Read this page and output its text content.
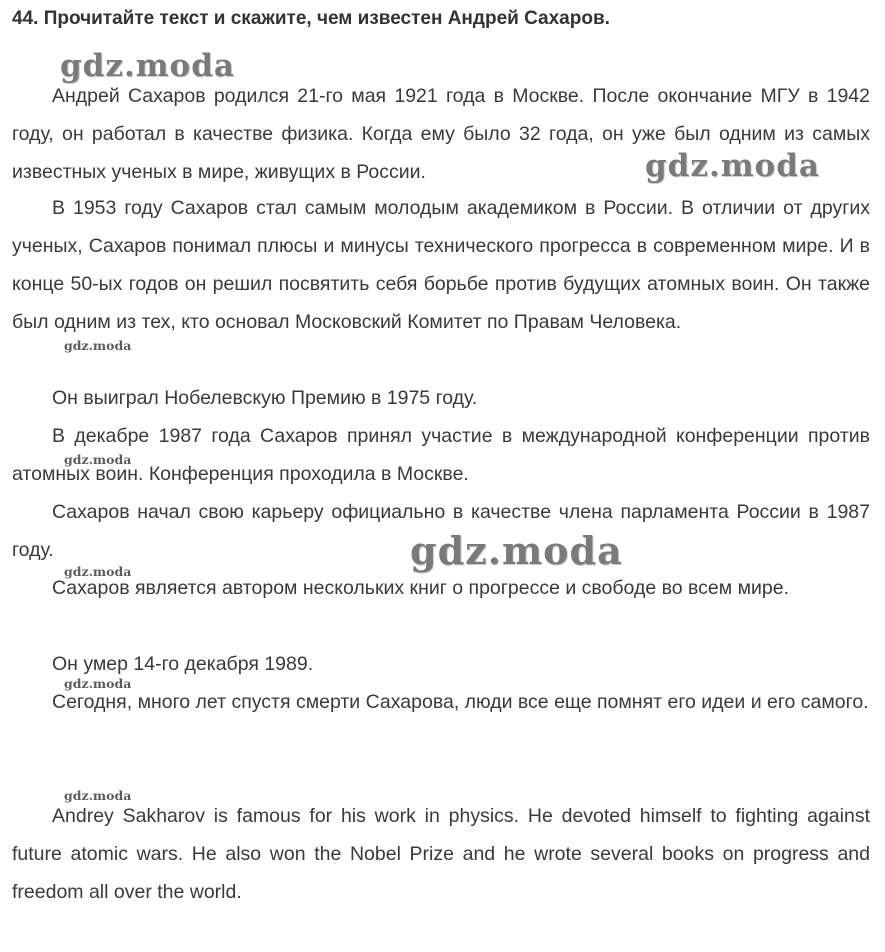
44. Прочитайте текст и скажите, чем известен Андрей Сахаров.
gdz.moda
gdz.moda
gdz.moda
gdz.moda
gdz.moda
gdz.moda
gdz.moda
gdz.moda

Андрей Сахаров родился 21-го мая 1921 года в Москве. После окончание МГУ в 1942 году, он работал в качестве физика. Когда ему было 32 года, он уже был одним из самых известных ученых в мире, живущих в России.

В 1953 году Сахаров стал самым молодым академиком в России. В отличии от других ученых, Сахаров понимал плюсы и минусы технического прогресса в современном мире. И в конце 50-ых годов он решил посвятить себя борьбе против будущих атомных воин. Он также был одним из тех, кто основал Московский Комитет по Правам Человека.

Он выиграл Нобелевскую Премию в 1975 году.

В декабре 1987 года Сахаров принял участие в международной конференции против атомных воин. Конференция проходила в Москве.

Сахаров начал свою карьеру официально в качестве члена парламента России в 1987 году.

Сахаров является автором нескольких книг о прогрессе и свободе во всем мире.

Он умер 14-го декабря 1989.

Сегодня, много лет спустя смерти Сахарова, люди все еще помнят его идеи и его самого.

Andrey Sakharov is famous for his work in physics. He devoted himself to fighting against future atomic wars. He also won the Nobel Prize and he wrote several books on progress and freedom all over the world.
